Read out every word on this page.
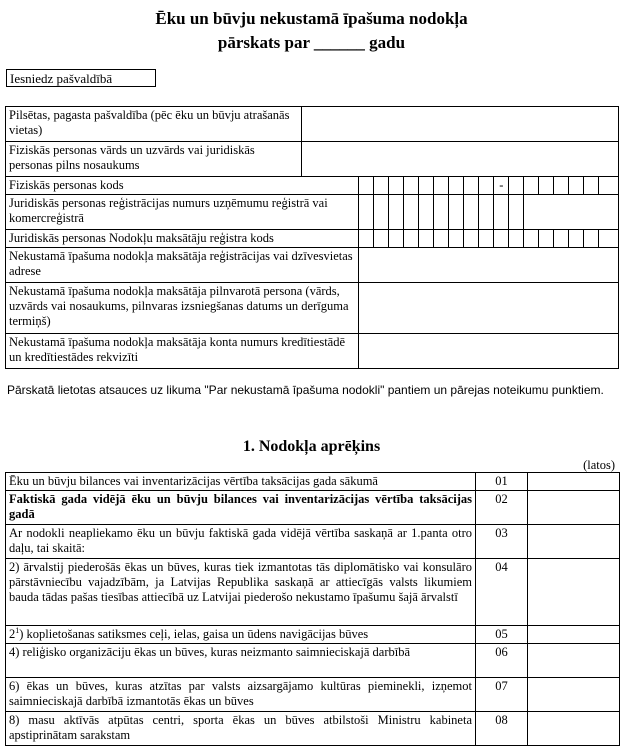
Ēku un būvju nekustamā īpašuma nodokļa
pārskats par ______ gadu
Iesniedz pašvaldībā
Pilsētas, pagasta pašvaldība (pēc ēku un būvju atrašanās vietas)																		
Fiziskās personas vārds un uzvārds vai juridiskās personas pilns nosaukums																		
Fiziskās personas kods											-							
Juridiskās personas reģistrācijas numurs uzņēmumu reģistrā vai komercreģistrā																		
Juridiskās personas Nodokļu maksātāju reģistra kods																		
Nekustamā īpašuma nodokļa maksātāja reģistrācijas vai dzīvesvietas adrese																		
Nekustamā īpašuma nodokļa maksātāja pilnvarotā persona (vārds, uzvārds vai nosaukums, pilnvaras izsniegšanas datums un derīguma termiņš)																		
Nekustamā īpašuma nodokļa maksātāja konta numurs kredītiestādē un kredītiestādes rekvizīti																		
Pārskatā lietotas atsauces uz likuma "Par nekustamā īpašuma nodokli" pantiem un pārejas noteikumu punktiem.
1. Nodokļa aprēķins
(latos)
Ēku un būvju bilances vai inventarizācijas vērtība taksācijas gada sākumā	01	
Faktiskā gada vidējā ēku un būvju bilances vai inventarizācijas vērtība taksācijas gadā	02	
Ar nodokli neapliekamo ēku un būvju faktiskā gada vidējā vērtība saskaņā ar 1.panta otro daļu, tai skaitā:	03	
2) ārvalstij piederošās ēkas un būves, kuras tiek izmantotas tās diplomātisko vai konsulāro pārstāvniecību vajadzībām, ja Latvijas Republika saskaņā ar attiecīgās valsts likumiem bauda tādas pašas tiesības attiecībā uz Latvijai piederošo nekustamo īpašumu šajā ārvalstī	04	
$2^1$) koplietošanas satiksmes ceļi, ielas, gaisa un ūdens navigācijas būves	05	
4) reliģisko organizāciju ēkas un būves, kuras neizmanto saimnieciskajā darbībā	06	
6) ēkas un būves, kuras atzītas par valsts aizsargājamo kultūras pieminekli, izņemot saimnieciskajā darbībā izmantotās ēkas un būves	07	
8) masu aktīvās atpūtas centri, sporta ēkas un būves atbilstoši Ministru kabineta apstiprinātam sarakstam	08	
